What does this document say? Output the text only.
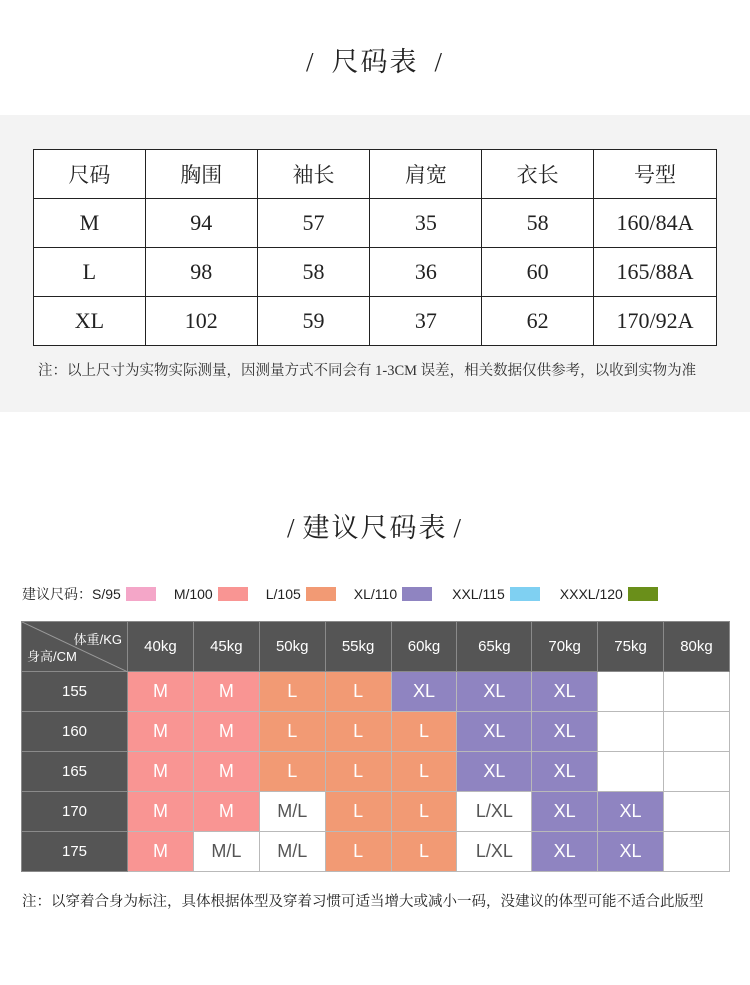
/ 尺码表 /
尺码	胸围	袖长	肩宽	衣长	号型
M	94	57	35	58	160/84A
L	98	58	36	60	165/88A
XL	102	59	37	62	170/92A
注：以上尺寸为实物实际测量，因测量方式不同会有 1-3CM 误差，相关数据仅供参考，以收到实物为准
/ 建议尺码表 /
建议尺码： S/95	M/100	L/105	XL/110	XXL/115	XXXL/120
体重/KG
身高/CM	40kg	45kg	50kg	55kg	60kg	65kg	70kg	75kg	80kg
155	M	M	L	L	XL	XL	XL		
160	M	M	L	L	L	XL	XL		
165	M	M	L	L	L	XL	XL		
170	M	M	M/L	L	L	L/XL	XL	XL	
175	M	M/L	M/L	L	L	L/XL	XL	XL	
注：以穿着合身为标注，具体根据体型及穿着习惯可适当增大或减小一码，没建议的体型可能不适合此版型
